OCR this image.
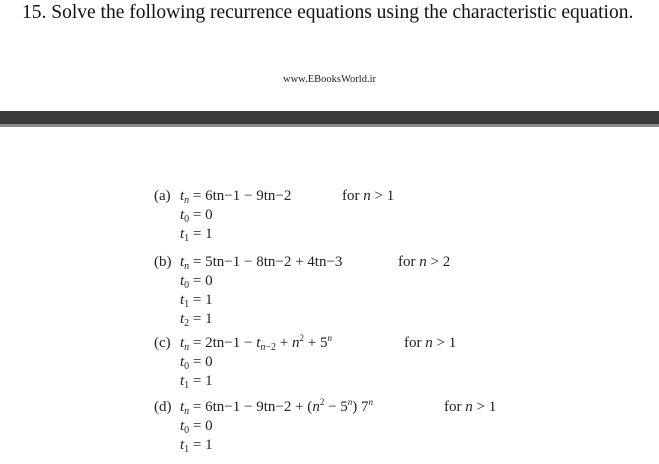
15. Solve the following recurrence equations using the characteristic equation.
www.EBooksWorld.ir
(a) $t_n = 6tn-1 - 9tn-2$	for n > 1
$t_0 = 0$
$t_1 = 1$
(b) $t_n = 5tn-1 - 8tn-2 + 4tn-3$	for n > 2
$t_0 = 0$
$t_1 = 1$
$t_2 = 1$
(c) $t_n = 2tn-1 - t_{n-2} + n^2 + 5^n$	for n > 1
$t_0 = 0$
$t_1 = 1$
(d) $t_n = 6tn-1 - 9tn-2 + (n^2 - 5^n)$ 7$^n$	for n > 1
$t_0 = 0$
$t_1 = 1$
